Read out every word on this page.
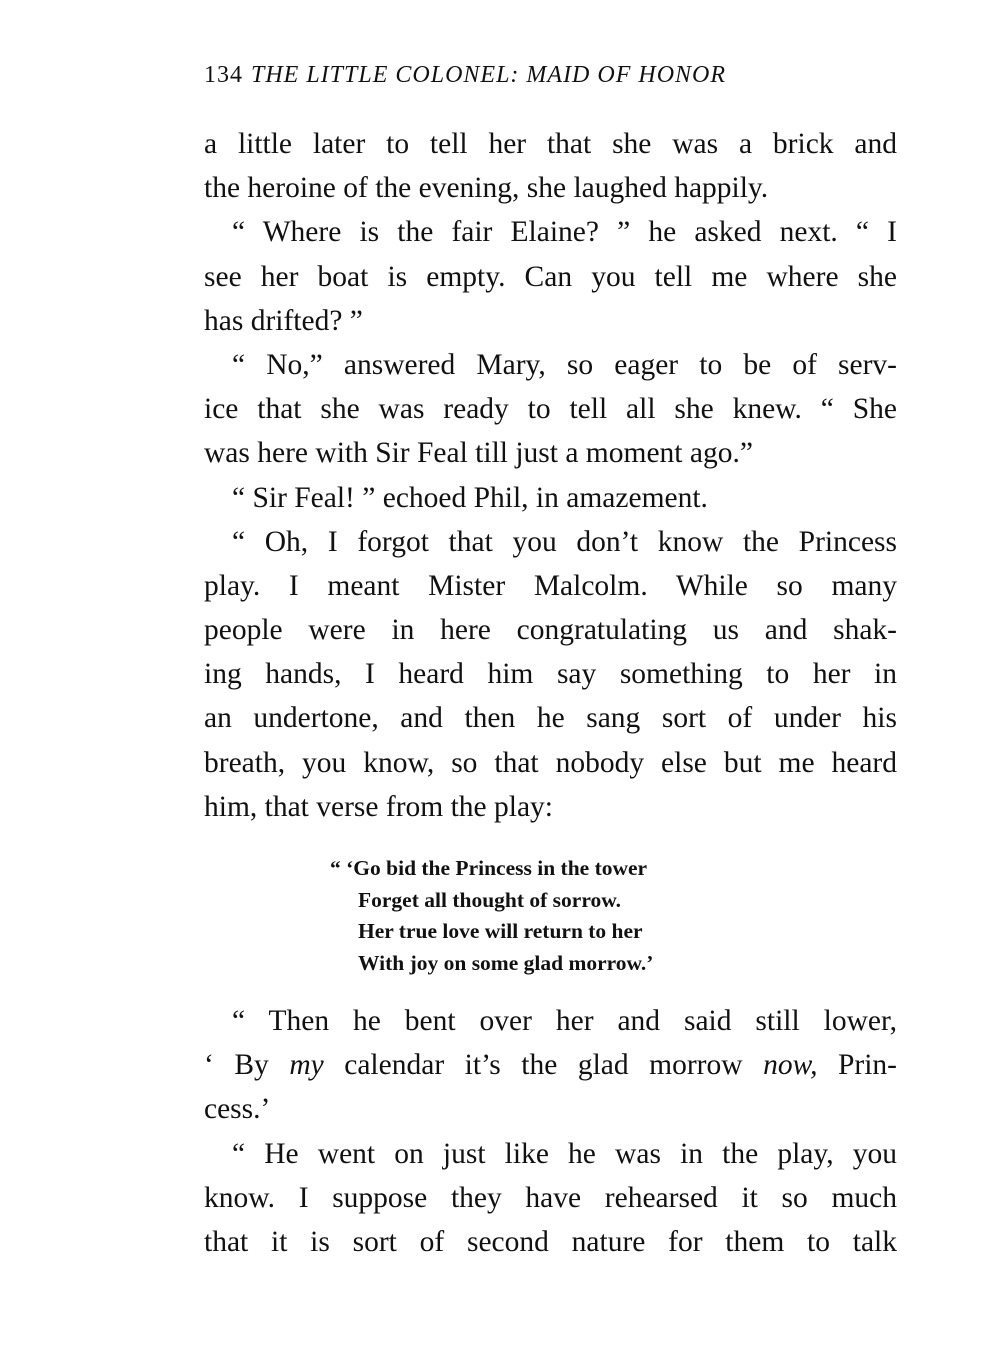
134 THE LITTLE COLONEL: MAID OF HONOR
a little later to tell her that she was a brick and
the heroine of the evening, she laughed happily.
“ Where is the fair Elaine? ” he asked next. “ I
see her boat is empty. Can you tell me where she
has drifted? ”
“ No,” answered Mary, so eager to be of serv-
ice that she was ready to tell all she knew. “ She
was here with Sir Feal till just a moment ago.”
“ Sir Feal! ” echoed Phil, in amazement.
“ Oh, I forgot that you don’t know the Princess
play. I meant Mister Malcolm. While so many
people were in here congratulating us and shak-
ing hands, I heard him say something to her in
an undertone, and then he sang sort of under his
breath, you know, so that nobody else but me heard
him, that verse from the play:
“ ‘Go bid the Princess in the tower
Forget all thought of sorrow.
Her true love will return to her
With joy on some glad morrow.’
“ Then he bent over her and said still lower,
‘ By my calendar it’s the glad morrow now, Prin-
cess.’
“ He went on just like he was in the play, you
know. I suppose they have rehearsed it so much
that it is sort of second nature for them to talk
